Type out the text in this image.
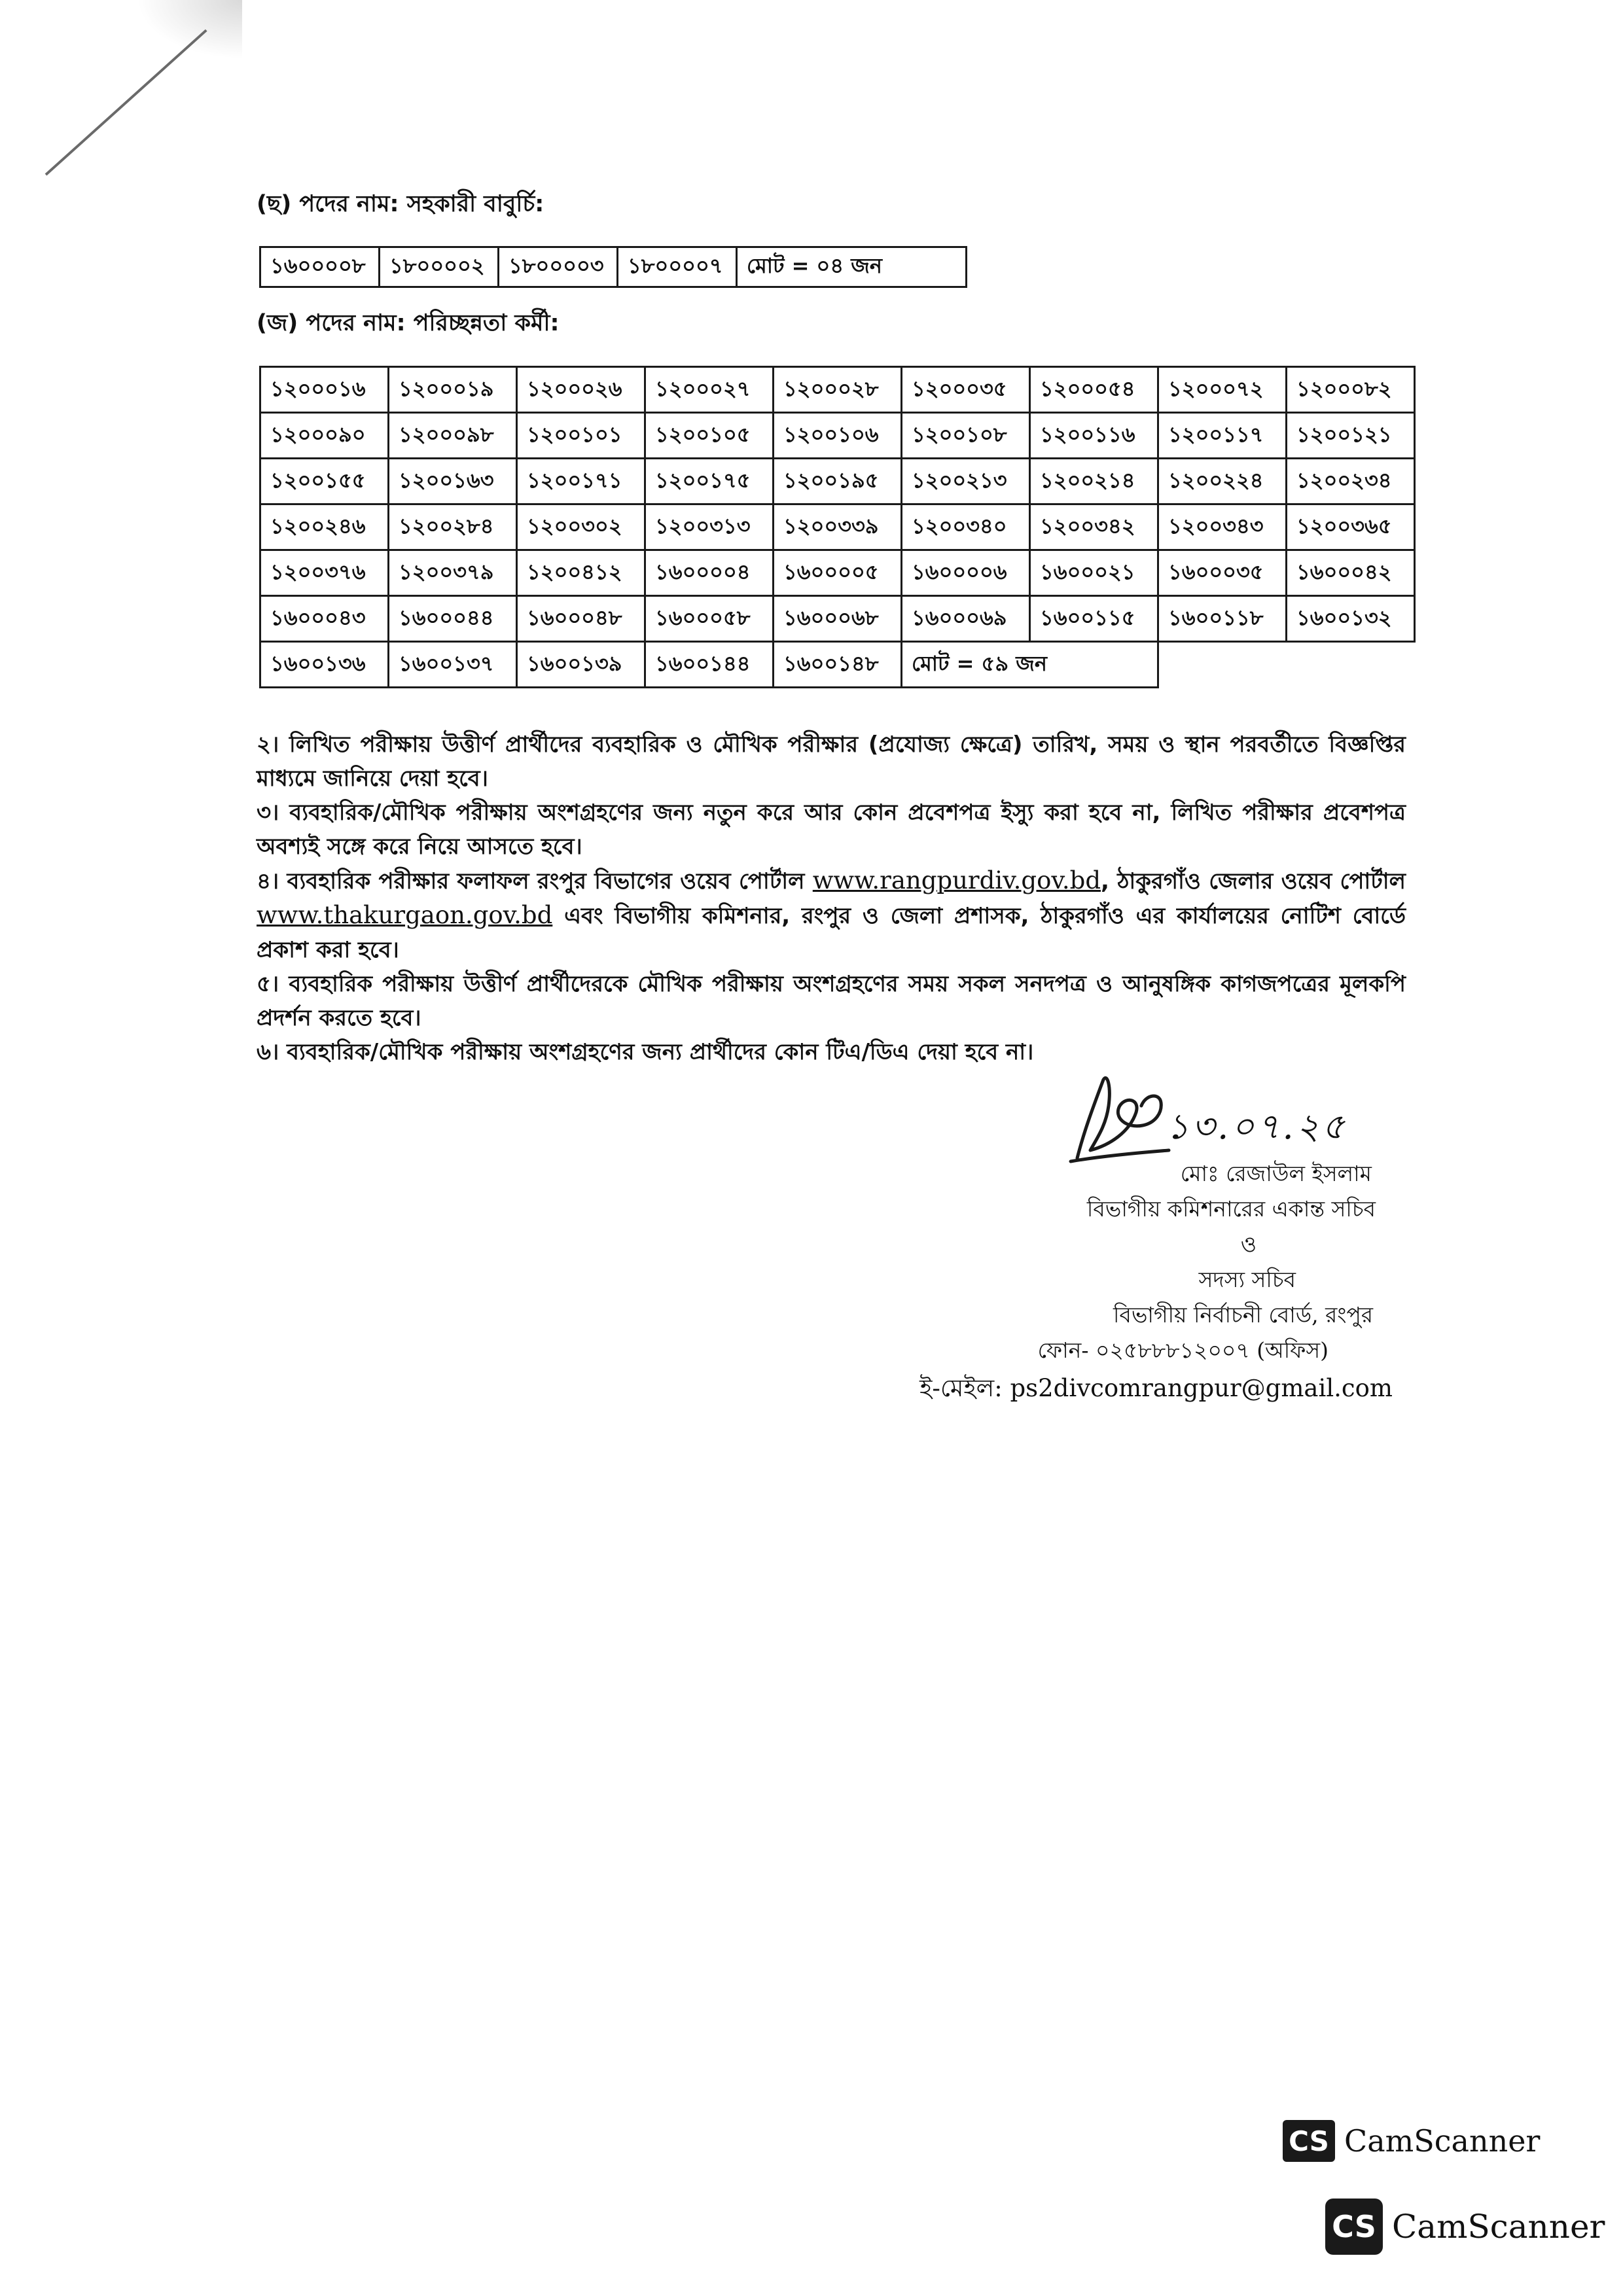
(ছ) পদের নাম: সহকারী বাবুর্চি:
১৬০০০০৮	১৮০০০০২	১৮০০০০৩	১৮০০০০৭	মোট = ০৪ জন
(জ) পদের নাম: পরিচ্ছন্নতা কর্মী:
১২০০০১৬	১২০০০১৯	১২০০০২৬	১২০০০২৭	১২০০০২৮	১২০০০৩৫	১২০০০৫৪	১২০০০৭২	১২০০০৮২
১২০০০৯০	১২০০০৯৮	১২০০১০১	১২০০১০৫	১২০০১০৬	১২০০১০৮	১২০০১১৬	১২০০১১৭	১২০০১২১
১২০০১৫৫	১২০০১৬৩	১২০০১৭১	১২০০১৭৫	১২০০১৯৫	১২০০২১৩	১২০০২১৪	১২০০২২৪	১২০০২৩৪
১২০০২৪৬	১২০০২৮৪	১২০০৩০২	১২০০৩১৩	১২০০৩৩৯	১২০০৩৪০	১২০০৩৪২	১২০০৩৪৩	১২০০৩৬৫
১২০০৩৭৬	১২০০৩৭৯	১২০০৪১২	১৬০০০০৪	১৬০০০০৫	১৬০০০০৬	১৬০০০২১	১৬০০০৩৫	১৬০০০৪২
১৬০০০৪৩	১৬০০০৪৪	১৬০০০৪৮	১৬০০০৫৮	১৬০০০৬৮	১৬০০০৬৯	১৬০০১১৫	১৬০০১১৮	১৬০০১৩২
১৬০০১৩৬	১৬০০১৩৭	১৬০০১৩৯	১৬০০১৪৪	১৬০০১৪৮	মোট = ৫৯ জন			

২। লিখিত পরীক্ষায় উত্তীর্ণ প্রার্থীদের ব্যবহারিক ও মৌখিক পরীক্ষার (প্রযোজ্য ক্ষেত্রে) তারিখ, সময় ও স্থান পরবর্তীতে বিজ্ঞপ্তির মাধ্যমে জানিয়ে দেয়া হবে।

৩। ব্যবহারিক/মৌখিক পরীক্ষায় অংশগ্রহণের জন্য নতুন করে আর কোন প্রবেশপত্র ইস্যু করা হবে না, লিখিত পরীক্ষার প্রবেশপত্র অবশ্যই সঙ্গে করে নিয়ে আসতে হবে।

৪। ব্যবহারিক পরীক্ষার ফলাফল রংপুর বিভাগের ওয়েব পোর্টাল www.rangpurdiv.gov.bd, ঠাকুরগাঁও জেলার ওয়েব পোর্টাল www.thakurgaon.gov.bd এবং বিভাগীয় কমিশনার, রংপুর ও জেলা প্রশাসক, ঠাকুরগাঁও এর কার্যালয়ের নোটিশ বোর্ডে প্রকাশ করা হবে।

৫। ব্যবহারিক পরীক্ষায় উত্তীর্ণ প্রার্থীদেরকে মৌখিক পরীক্ষায় অংশগ্রহণের সময় সকল সনদপত্র ও আনুষঙ্গিক কাগজপত্রের মূলকপি প্রদর্শন করতে হবে।

৬। ব্যবহারিক/মৌখিক পরীক্ষায় অংশগ্রহণের জন্য প্রার্থীদের কোন টিএ/ডিএ দেয়া হবে না।

১৩.০৭.২৫
মোঃ রেজাউল ইসলাম
বিভাগীয় কমিশনারের একান্ত সচিব
ও
সদস্য সচিব
বিভাগীয় নির্বাচনী বোর্ড, রংপুর
ফোন- ০২৫৮৮৮১২০০৭ (অফিস)
ই-মেইল: ps2divcomrangpur@gmail.com
CS CamScanner
CS CamScanner
